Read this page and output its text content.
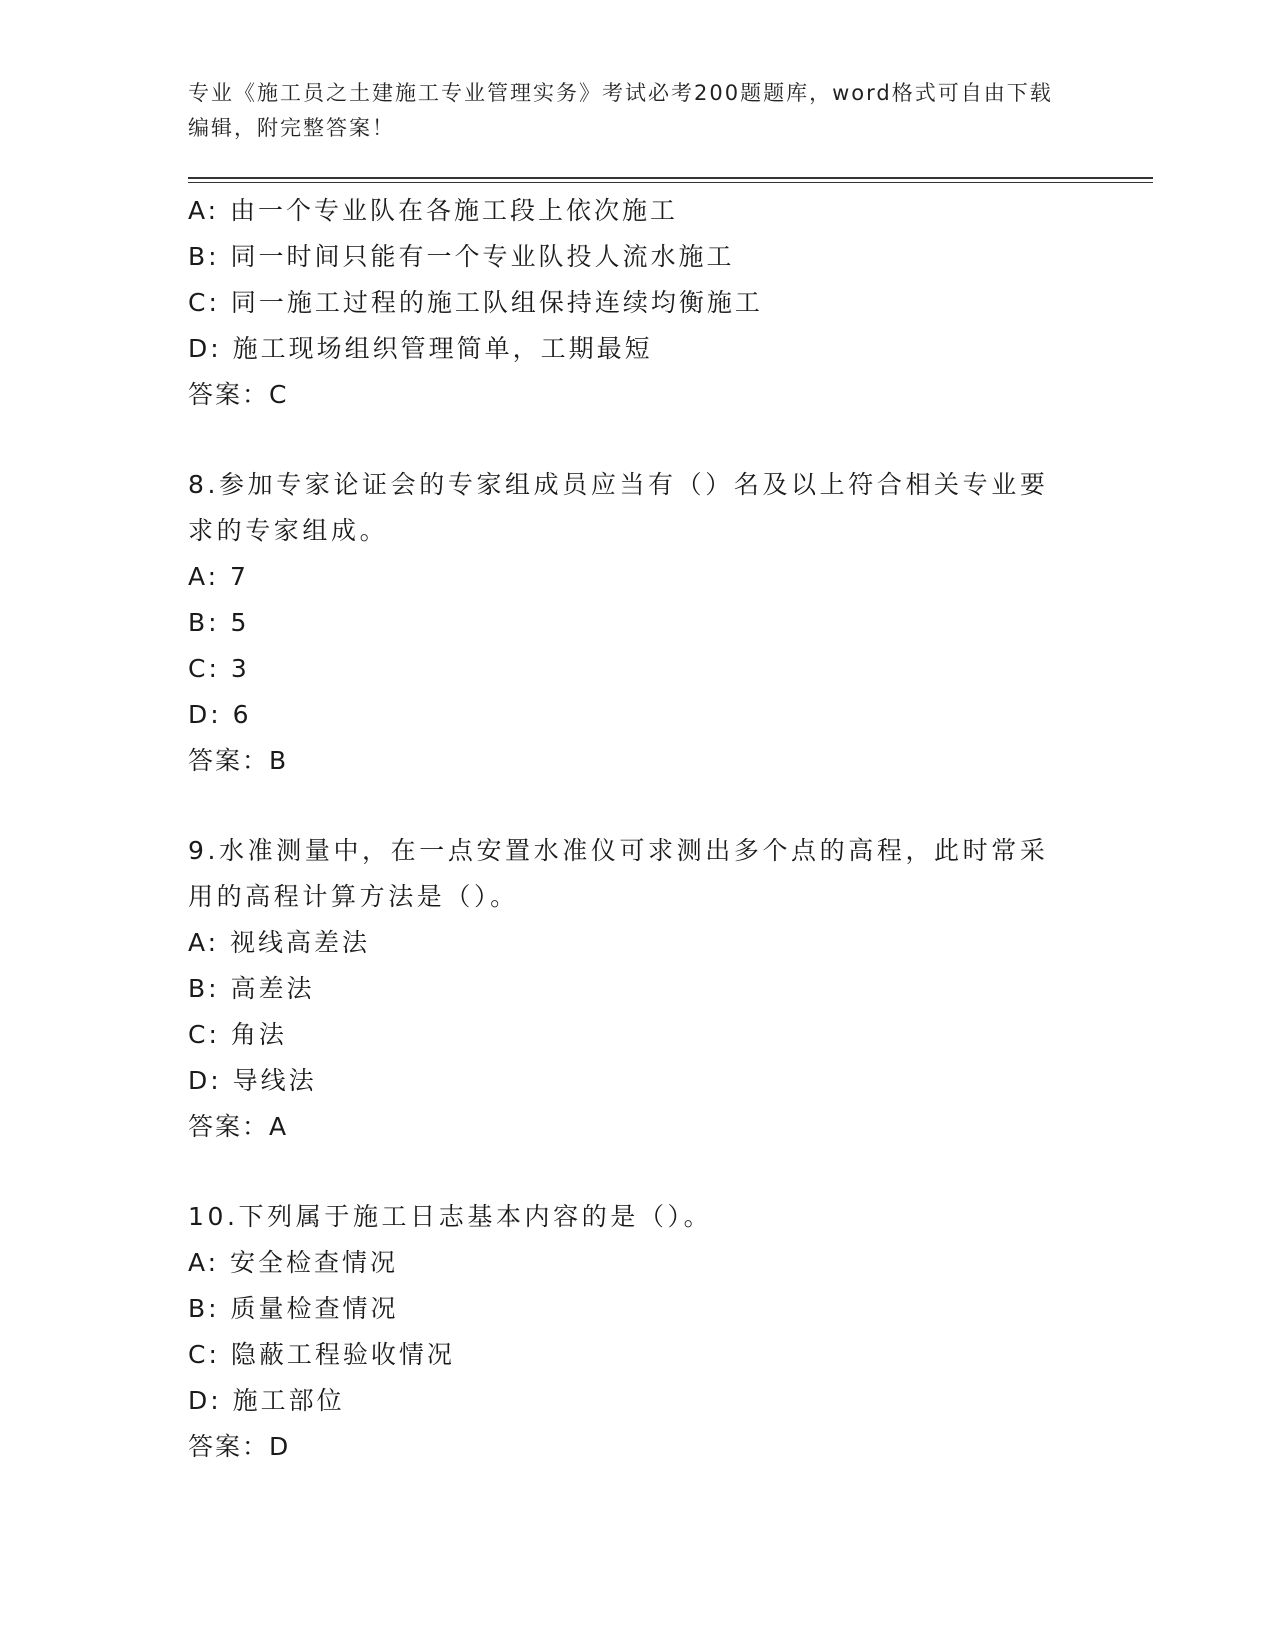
专业《施工员之土建施工专业管理实务》考试必考200题题库，word格式可自由下载编辑，附完整答案！
A: 由一个专业队在各施工段上依次施工
B: 同一时间只能有一个专业队投人流水施工
C: 同一施工过程的施工队组保持连续均衡施工
D: 施工现场组织管理简单，工期最短
答案：C
8.参加专家论证会的专家组成员应当有（）名及以上符合相关专业要求的专家组成。
A: 7
B: 5
C: 3
D: 6
答案：B
9.水准测量中，在一点安置水准仪可求测出多个点的高程，此时常采用的高程计算方法是（）。
A: 视线高差法
B: 高差法
C: 角法
D: 导线法
答案：A
10.下列属于施工日志基本内容的是（）。
A: 安全检查情况
B: 质量检查情况
C: 隐蔽工程验收情况
D: 施工部位
答案：D
